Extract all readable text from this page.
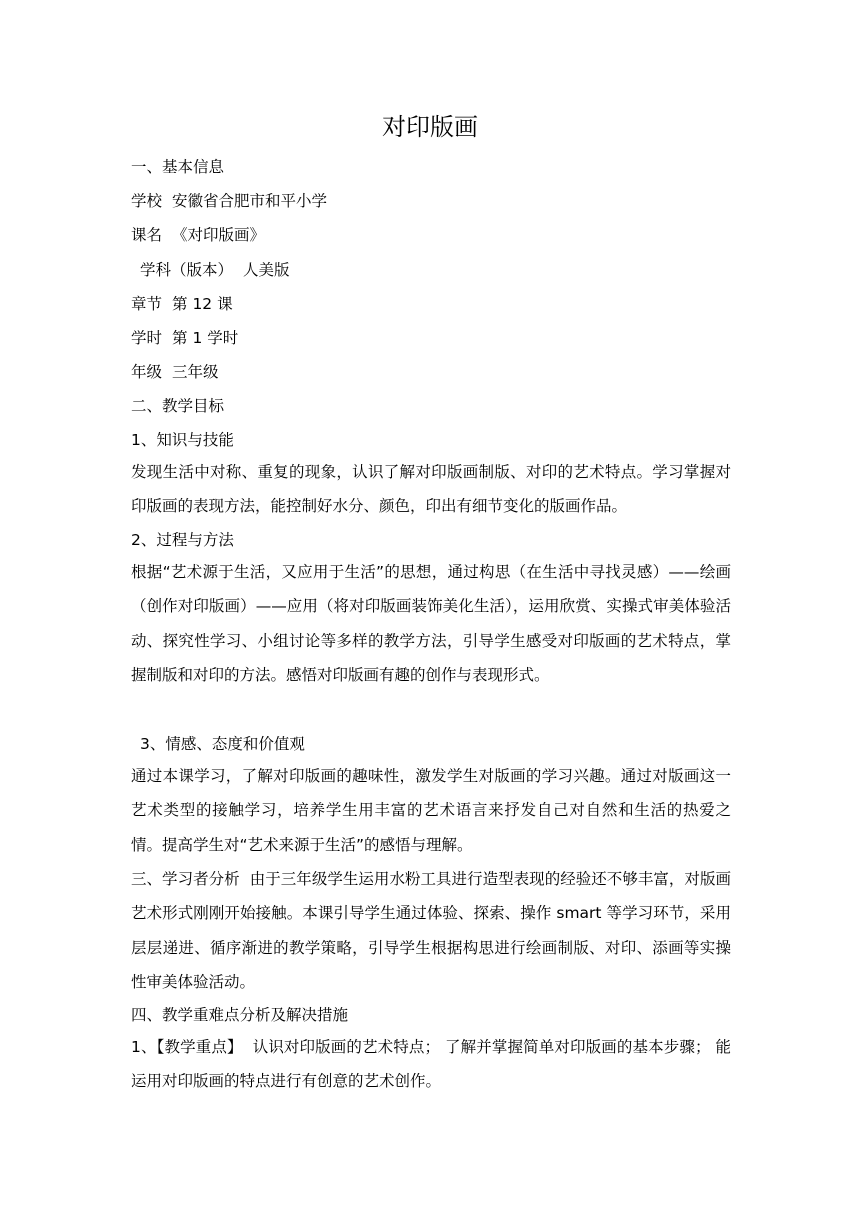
对印版画
一、基本信息
学校 安徽省合肥市和平小学
课名 《对印版画》
学科（版本） 人美版
章节 第 12 课
学时 第 1 学时
年级 三年级
二、教学目标
1、知识与技能
发现生活中对称、重复的现象，认识了解对印版画制版、对印的艺术特点。学习掌握对印版画的表现方法，能控制好水分、颜色，印出有细节变化的版画作品。
2、过程与方法
根据“艺术源于生活，又应用于生活”的思想，通过构思（在生活中寻找灵感）——绘画（创作对印版画）——应用（将对印版画装饰美化生活），运用欣赏、实操式审美体验活动、探究性学习、小组讨论等多样的教学方法，引导学生感受对印版画的艺术特点，掌握制版和对印的方法。感悟对印版画有趣的创作与表现形式。
3、情感、态度和价值观
通过本课学习，了解对印版画的趣味性，激发学生对版画的学习兴趣。通过对版画这一艺术类型的接触学习，培养学生用丰富的艺术语言来抒发自己对自然和生活的热爱之情。提高学生对“艺术来源于生活”的感悟与理解。
三、学习者分析 由于三年级学生运用水粉工具进行造型表现的经验还不够丰富，对版画艺术形式刚刚开始接触。本课引导学生通过体验、探索、操作 smart 等学习环节，采用层层递进、循序渐进的教学策略，引导学生根据构思进行绘画制版、对印、添画等实操性审美体验活动。
四、教学重难点分析及解决措施
1、【教学重点】 认识对印版画的艺术特点； 了解并掌握简单对印版画的基本步骤； 能运用对印版画的特点进行有创意的艺术创作。
